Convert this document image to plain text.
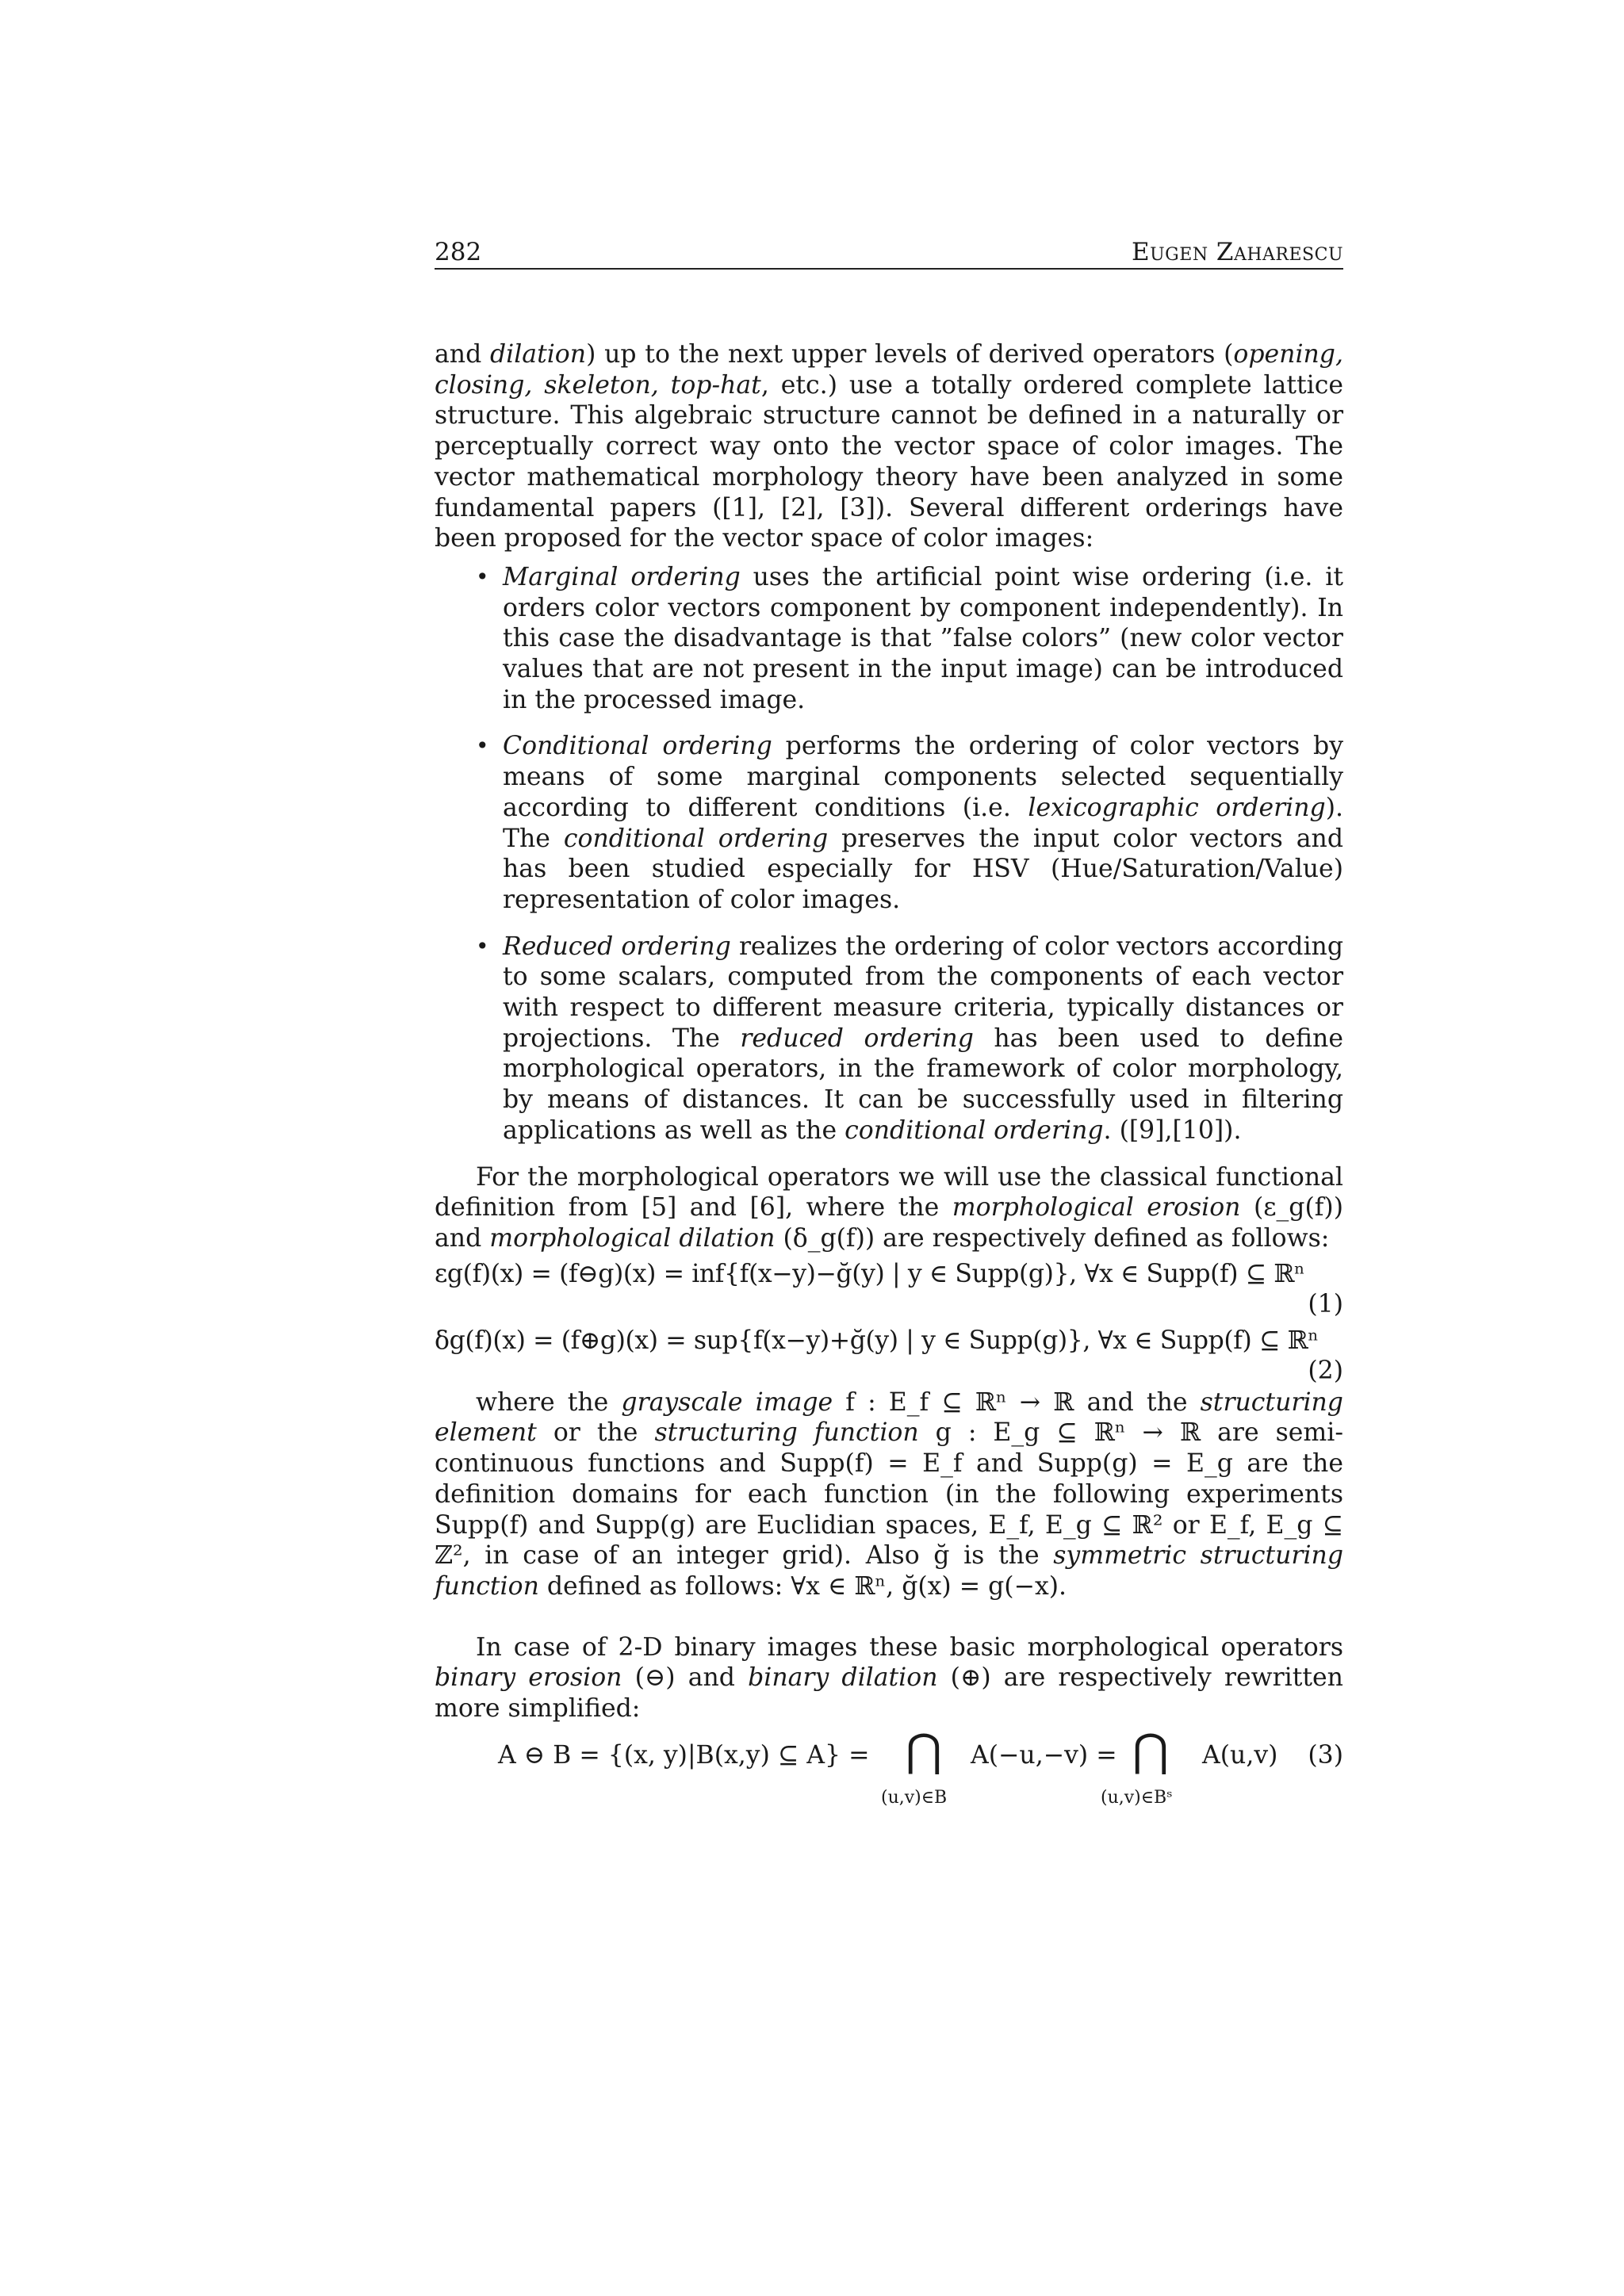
282	Eugen Zaharescu

and dilation) up to the next upper levels of derived operators (opening, closing, skeleton, top-hat, etc.) use a totally ordered complete lattice structure. This algebraic structure cannot be defined in a naturally or perceptually correct way onto the vector space of color images. The vector mathematical morphology theory have been analyzed in some fundamental papers ([1], [2], [3]). Several different orderings have been proposed for the vector space of color images:

• Marginal ordering uses the artificial point wise ordering (i.e. it orders color vectors component by component independently). In this case the disadvantage is that ”false colors” (new color vector values that are not present in the input image) can be introduced in the processed image.
• Conditional ordering performs the ordering of color vectors by means of some marginal components selected sequentially according to different conditions (i.e. lexicographic ordering). The conditional ordering preserves the input color vectors and has been studied especially for HSV (Hue/Saturation/Value) representation of color images.
• Reduced ordering realizes the ordering of color vectors according to some scalars, computed from the components of each vector with respect to different measure criteria, typically distances or projections. The reduced ordering has been used to define morphological operators, in the framework of color morphology, by means of distances. It can be successfully used in filtering applications as well as the conditional ordering. ([9],[10]).

For the morphological operators we will use the classical functional definition from [5] and [6], where the morphological erosion (ε_g(f)) and morphological dilation (δ_g(f)) are respectively defined as follows:

εg(f)(x) = (f⊖g)(x) = inf{f(x−y)−ğ(y) | y ∈ Supp(g)}, ∀x ∈ Supp(f) ⊆ ℝⁿ
(1)
δg(f)(x) = (f⊕g)(x) = sup{f(x−y)+ğ(y) | y ∈ Supp(g)}, ∀x ∈ Supp(f) ⊆ ℝⁿ
(2)

where the grayscale image f : E_f ⊆ ℝⁿ → ℝ and the structuring element or the structuring function g : E_g ⊆ ℝⁿ → ℝ are semi-continuous functions and Supp(f) = E_f and Supp(g) = E_g are the definition domains for each function (in the following experiments Supp(f) and Supp(g) are Euclidian spaces, E_f, E_g ⊆ ℝ² or E_f, E_g ⊆ ℤ², in case of an integer grid). Also ğ is the symmetric structuring function defined as follows: ∀x ∈ ℝⁿ, ğ(x) = g(−x).

In case of 2-D binary images these basic morphological operators binary erosion (⊖) and binary dilation (⊕) are respectively rewritten more simplified:

A ⊖ B = {(x, y)|B(x,y) ⊆ A} = ⋂
(u,v)∈B
A(−u,−v) = ⋂
(u,v)∈Bˢ
A(u,v) (3)
